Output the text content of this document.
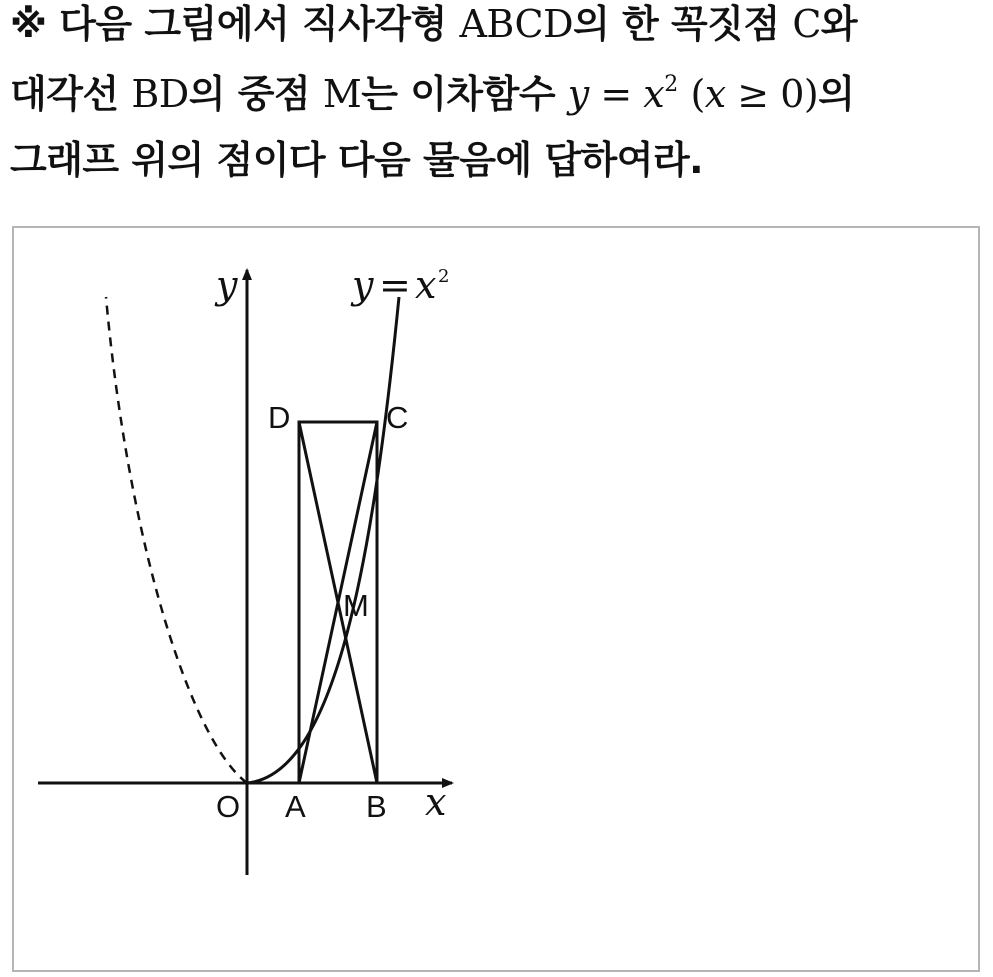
※ 다음 그림에서 직사각형 ABCD의 한 꼭짓점 C와
대각선 BD의 중점 M는 이차함수 $y = x^2$ (x ≥ 0)의
그래프 위의 점이다 다음 물음에 답하여라.
y
x
O
y = x 2
D	C
M
A B
